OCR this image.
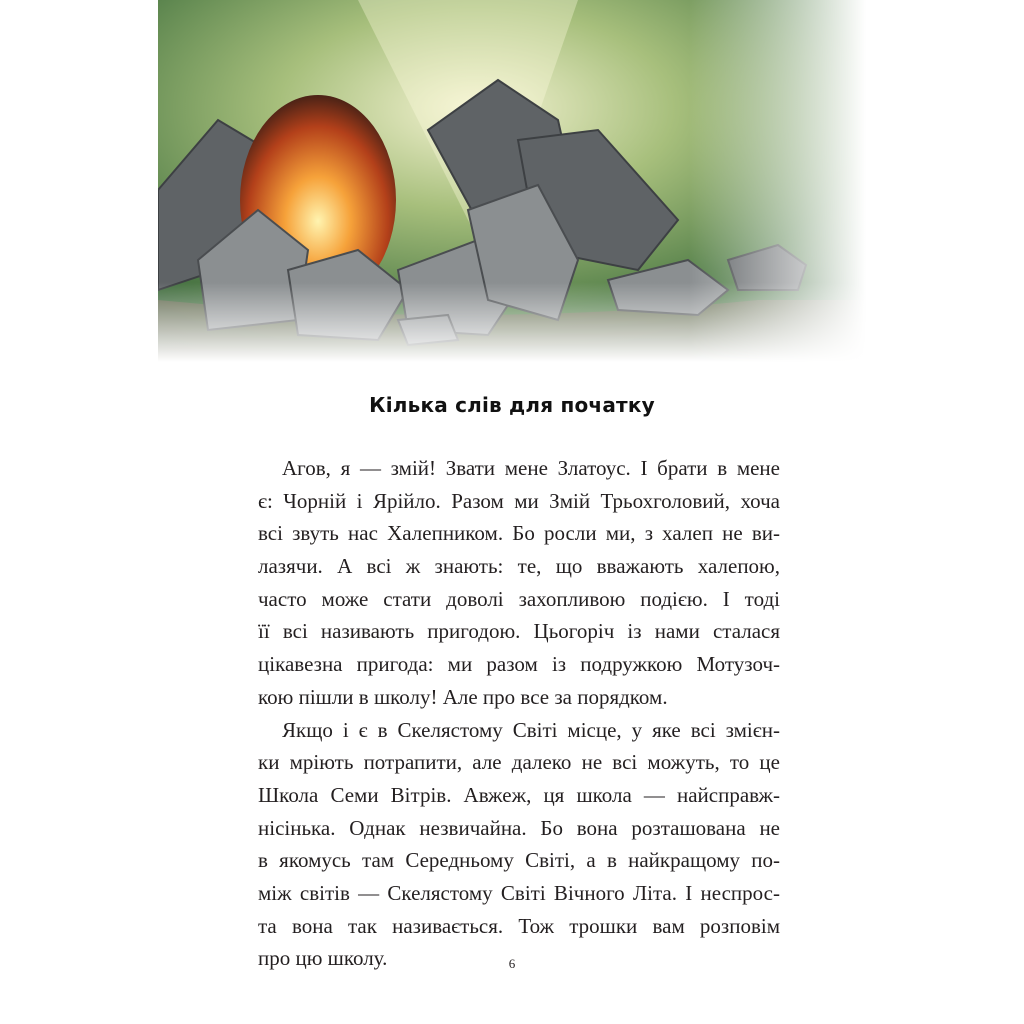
Кілька слів для початку
Агов, я — змій! Звати мене Златоус. І брати в мене
є: Чорній і Ярійло. Разом ми Змій Трьохголовий, хоча
всі звуть нас Халепником. Бо росли ми, з халеп не ви-
лазячи. А всі ж знають: те, що вважають халепою,
часто може стати доволі захопливою подією. І тоді
її всі називають пригодою. Цьогоріч із нами сталася
цікавезна пригода: ми разом із подружкою Мотузоч-
кою пішли в школу! Але про все за порядком.
Якщо і є в Скелястому Світі місце, у яке всі змієн-
ки мріють потрапити, але далеко не всі можуть, то це
Школа Семи Вітрів. Авжеж, ця школа — найсправж-
нісінька. Однак незвичайна. Бо вона розташована не
в якомусь там Середньому Світі, а в найкращому по-
між світів — Скелястому Світі Вічного Літа. І неспрос-
та вона так називається. Тож трошки вам розповім
про цю школу.	6
